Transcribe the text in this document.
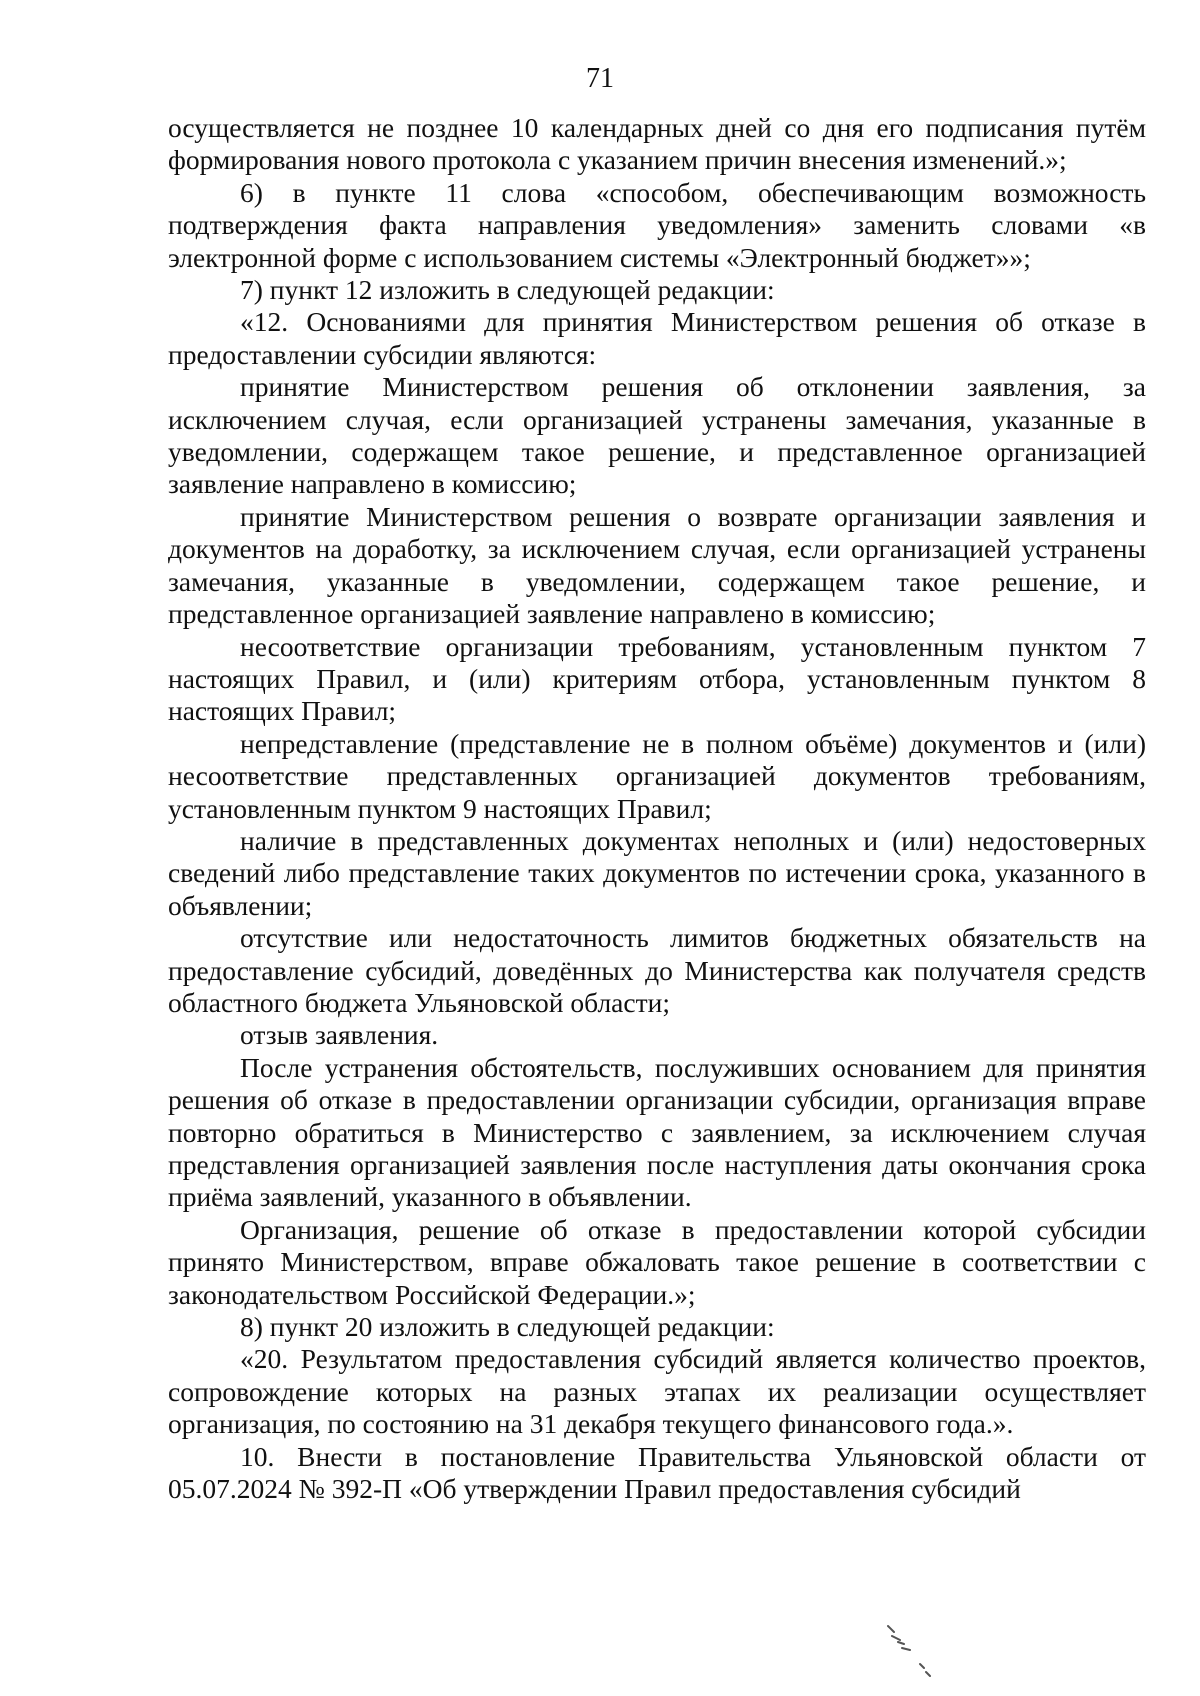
71

осуществляется не позднее 10 календарных дней со дня его подписания путём формирования нового протокола с указанием причин внесения изменений.»;

6) в пункте 11 слова «способом, обеспечивающим возможность подтверждения факта направления уведомления» заменить словами «в электронной форме с использованием системы «Электронный бюджет»»;

7) пункт 12 изложить в следующей редакции:

«12. Основаниями для принятия Министерством решения об отказе в предоставлении субсидии являются:

принятие Министерством решения об отклонении заявления, за исключением случая, если организацией устранены замечания, указанные в уведомлении, содержащем такое решение, и представленное организацией заявление направлено в комиссию;

принятие Министерством решения о возврате организации заявления и документов на доработку, за исключением случая, если организацией устранены замечания, указанные в уведомлении, содержащем такое решение, и представленное организацией заявление направлено в комиссию;

несоответствие организации требованиям, установленным пунктом 7 настоящих Правил, и (или) критериям отбора, установленным пунктом 8 настоящих Правил;

непредставление (представление не в полном объёме) документов и (или) несоответствие представленных организацией документов требованиям, установленным пунктом 9 настоящих Правил;

наличие в представленных документах неполных и (или) недостоверных сведений либо представление таких документов по истечении срока, указанного в объявлении;

отсутствие или недостаточность лимитов бюджетных обязательств на предоставление субсидий, доведённых до Министерства как получателя средств областного бюджета Ульяновской области;

отзыв заявления.

После устранения обстоятельств, послуживших основанием для принятия решения об отказе в предоставлении организации субсидии, организация вправе повторно обратиться в Министерство с заявлением, за исключением случая представления организацией заявления после наступления даты окончания срока приёма заявлений, указанного в объявлении.

Организация, решение об отказе в предоставлении которой субсидии принято Министерством, вправе обжаловать такое решение в соответствии с законодательством Российской Федерации.»;

8) пункт 20 изложить в следующей редакции:

«20. Результатом предоставления субсидий является количество проектов, сопровождение которых на разных этапах их реализации осуществляет организация, по состоянию на 31 декабря текущего финансового года.».

10. Внести в постановление Правительства Ульяновской области от 05.07.2024 № 392-П «Об утверждении Правил предоставления субсидий
